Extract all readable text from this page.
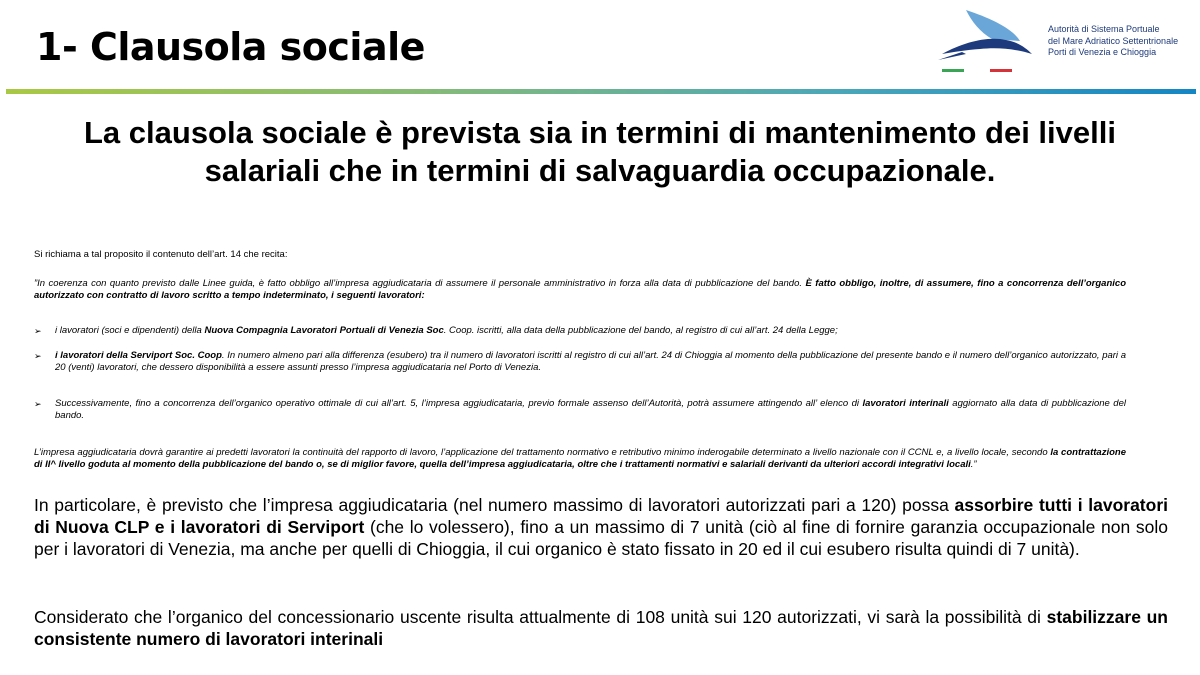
1- Clausola sociale	Autorità di Sistema Portuale
del Mare Adriatico Settentrionale
Porti di Venezia e Chioggia
La clausola sociale è prevista sia in termini di mantenimento dei livelli salariali che in termini di salvaguardia occupazionale.

Si richiama a tal proposito il contenuto dell’art. 14 che recita:

”In coerenza con quanto previsto dalle Linee guida, è fatto obbligo all’impresa aggiudicataria di assumere il personale amministrativo in forza alla data di pubblicazione del bando. È fatto obbligo, inoltre, di assumere, fino a concorrenza dell’organico autorizzato con contratto di lavoro scritto a tempo indeterminato, i seguenti lavoratori:

➢ i lavoratori (soci e dipendenti) della Nuova Compagnia Lavoratori Portuali di Venezia Soc. Coop. iscritti, alla data della pubblicazione del bando, al registro di cui all’art. 24 della Legge;
➢ i lavoratori della Serviport Soc. Coop. In numero almeno pari alla differenza (esubero) tra il numero di lavoratori iscritti al registro di cui all’art. 24 di Chioggia al momento della pubblicazione del presente bando e il numero dell’organico autorizzato, pari a 20 (venti) lavoratori, che dessero disponibilità a essere assunti presso l’impresa aggiudicataria nel Porto di Venezia.
➢ Successivamente, fino a concorrenza dell’organico operativo ottimale di cui all’art. 5, l’impresa aggiudicataria, previo formale assenso dell’Autorità, potrà assumere attingendo all’ elenco di lavoratori interinali aggiornato alla data di pubblicazione del bando.

L’impresa aggiudicataria dovrà garantire ai predetti lavoratori la continuità del rapporto di lavoro, l’applicazione del trattamento normativo e retributivo minimo inderogabile determinato a livello nazionale con il CCNL e, a livello locale, secondo la contrattazione di II^ livello goduta al momento della pubblicazione del bando o, se di miglior favore, quella dell’impresa aggiudicataria, oltre che i trattamenti normativi e salariali derivanti da ulteriori accordi integrativi locali.”

In particolare, è previsto che l’impresa aggiudicataria (nel numero massimo di lavoratori autorizzati pari a 120) possa assorbire tutti i lavoratori di Nuova CLP e i lavoratori di Serviport (che lo volessero), fino a un massimo di 7 unità (ciò al fine di fornire garanzia occupazionale non solo per i lavoratori di Venezia, ma anche per quelli di Chioggia, il cui organico è stato fissato in 20 ed il cui esubero risulta quindi di 7 unità).

Considerato che l’organico del concessionario uscente risulta attualmente di 108 unità sui 120 autorizzati, vi sarà la possibilità di stabilizzare un consistente numero di lavoratori interinali
